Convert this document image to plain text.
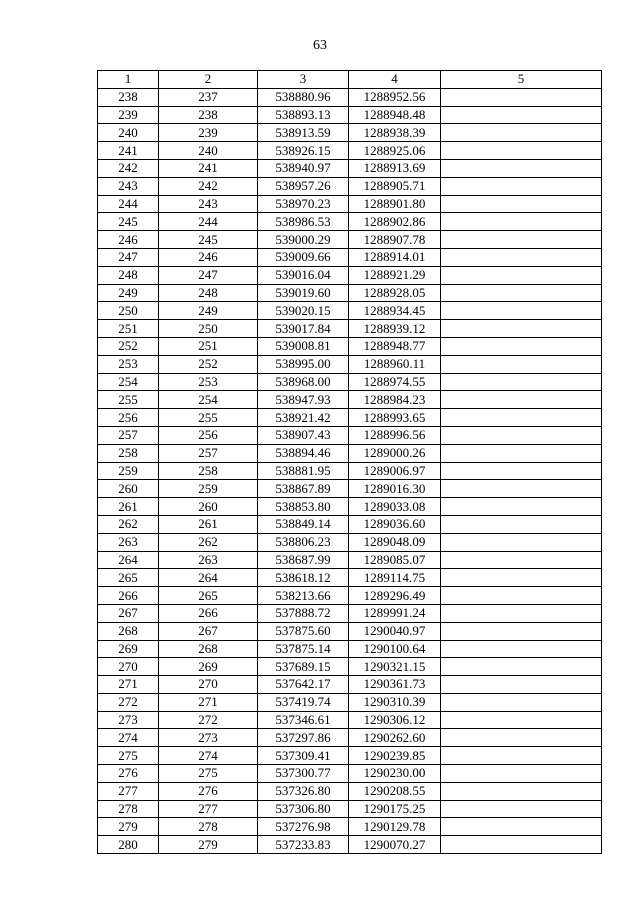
63
1	2	3	4	5
238	237	538880.96	1288952.56	
239	238	538893.13	1288948.48	
240	239	538913.59	1288938.39	
241	240	538926.15	1288925.06	
242	241	538940.97	1288913.69	
243	242	538957.26	1288905.71	
244	243	538970.23	1288901.80	
245	244	538986.53	1288902.86	
246	245	539000.29	1288907.78	
247	246	539009.66	1288914.01	
248	247	539016.04	1288921.29	
249	248	539019.60	1288928.05	
250	249	539020.15	1288934.45	
251	250	539017.84	1288939.12	
252	251	539008.81	1288948.77	
253	252	538995.00	1288960.11	
254	253	538968.00	1288974.55	
255	254	538947.93	1288984.23	
256	255	538921.42	1288993.65	
257	256	538907.43	1288996.56	
258	257	538894.46	1289000.26	
259	258	538881.95	1289006.97	
260	259	538867.89	1289016.30	
261	260	538853.80	1289033.08	
262	261	538849.14	1289036.60	
263	262	538806.23	1289048.09	
264	263	538687.99	1289085.07	
265	264	538618.12	1289114.75	
266	265	538213.66	1289296.49	
267	266	537888.72	1289991.24	
268	267	537875.60	1290040.97	
269	268	537875.14	1290100.64	
270	269	537689.15	1290321.15	
271	270	537642.17	1290361.73	
272	271	537419.74	1290310.39	
273	272	537346.61	1290306.12	
274	273	537297.86	1290262.60	
275	274	537309.41	1290239.85	
276	275	537300.77	1290230.00	
277	276	537326.80	1290208.55	
278	277	537306.80	1290175.25	
279	278	537276.98	1290129.78	
280	279	537233.83	1290070.27	
